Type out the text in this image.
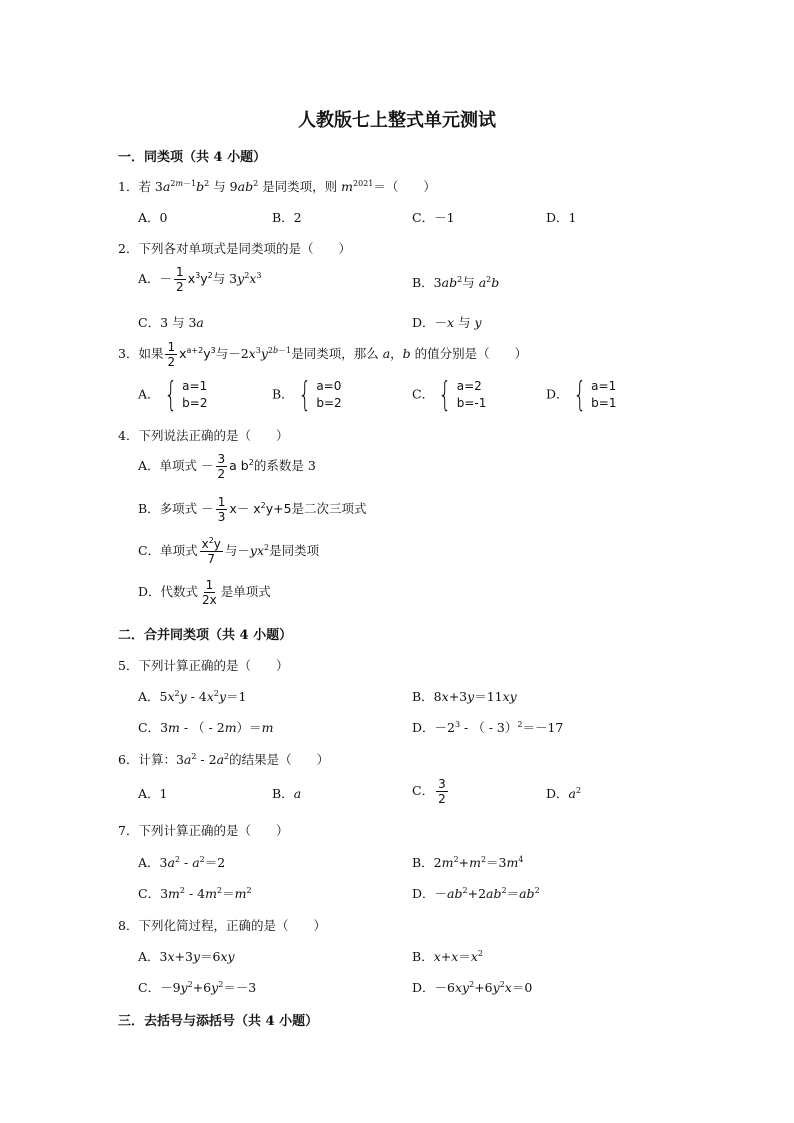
人教版七上整式单元测试
一．同类项（共 4 小题）
1．若 $3a^{2m-1}b^2$ 与 $9ab^2$ 是同类项，则 $m^{2021}=$（　　）
A．0	B．2	C．－1	D．1
2．下列各对单项式是同类项的是（　　）
A．－ $\frac{1}{2} x^3y^2$与 $3y^2x^3$	B．$3ab^2$与 $a^2b$
C．3 与 3a	D．－x 与 y
3．如果 $\frac{1}{2} x^{a+2}y^3$与$-2x^3y^{2b-1}$是同类项，那么 a，b 的值分别是（　　）
A． { a=1
b=2
B． { a=0
b=2
C． { a=2
b=-1
D． { a=1
b=1
4．下列说法正确的是（　　）
A．单项式 － $\frac{3}{2}$ a $b^2$的系数是 3
B．多项式 － $\frac{1}{3} x- x^2y+5$是二次三项式
C．单项式 $\frac{x^2y}{7}$ 与$-yx^2$是同类项
D．代数式 $\frac{1}{2x}$ 是单项式
二．合并同类项（共 4 小题）
5．下列计算正确的是（　　）
A．$5x^2y - 4x^2y=1$	B．8x+3y＝11xy
C．3m - （ - 2m）＝m	D．$-2^3$ - （ - 3）$^2$＝－17
6．计算：$3a^2 - 2a^2$的结果是（　　）
A．1	B．a	C． $\frac{3}{2}$	D．$a^2$
7．下列计算正确的是（　　）
A．$3a^2 - a^2=2$	B．$2m^2+m^2=3m^4$
C．$3m^2 - 4m^2=m^2$	D．$-ab^2+2ab^2=ab^2$
8．下列化简过程，正确的是（　　）
A．3x+3y＝6xy	B．$x+x=x^2$
C．$-9y^2+6y^2=-3$	D．$-6xy^2+6y^2x=0$
三．去括号与添括号（共 4 小题）
